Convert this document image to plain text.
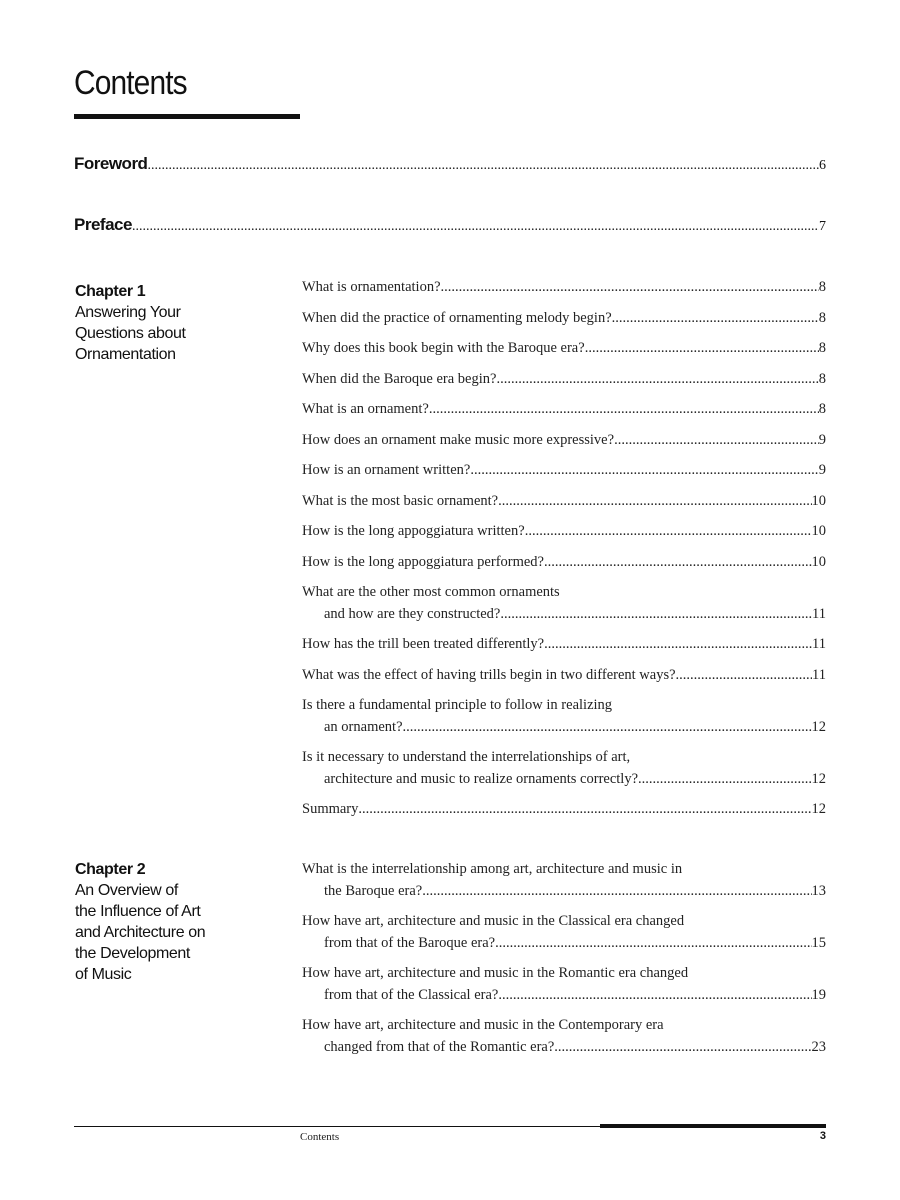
Contents
Foreword .....	6
Preface .....	7
Chapter 1
Answering Your
Questions about
Ornamentation
What is ornamentation? .....	8
When did the practice of ornamenting melody begin? .....	8
Why does this book begin with the Baroque era? .....	8
When did the Baroque era begin? .....	8
What is an ornament? .....	8
How does an ornament make music more expressive? .....	9
How is an ornament written? .....	9
What is the most basic ornament? .....	10
How is the long appoggiatura written? .....	10
How is the long appoggiatura performed? .....	10
What are the other most common ornaments
and how are they constructed? .....	11
How has the trill been treated differently? .....	11
What was the effect of having trills begin in two different ways? .....	11
Is there a fundamental principle to follow in realizing
an ornament? .....	12
Is it necessary to understand the interrelationships of art,
architecture and music to realize ornaments correctly? .....	12
Summary .....	12
Chapter 2
An Overview of
the Influence of Art
and Architecture on
the Development
of Music
What is the interrelationship among art, architecture and music in
the Baroque era? .....	13
How have art, architecture and music in the Classical era changed
from that of the Baroque era? .....	15
How have art, architecture and music in the Romantic era changed
from that of the Classical era? .....	19
How have art, architecture and music in the Contemporary era
changed from that of the Romantic era? .....	23
Contents	3
